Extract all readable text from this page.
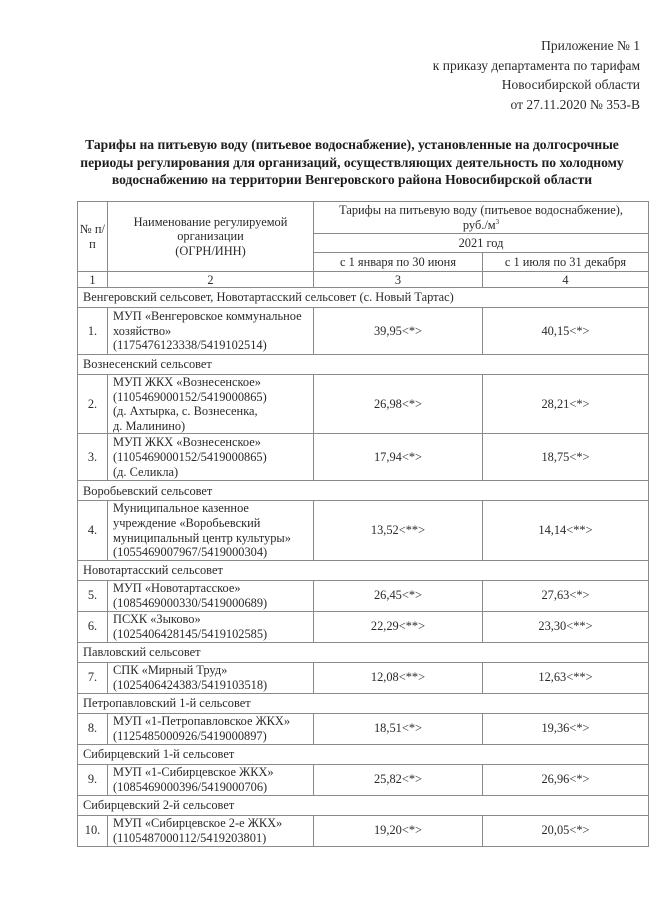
Приложение № 1
к приказу департамента по тарифам
Новосибирской области
от 27.11.2020 № 353-В
Тарифы на питьевую воду (питьевое водоснабжение), установленные на долгосрочные
периоды регулирования для организаций, осуществляющих деятельность по холодному
водоснабжению на территории Венгеровского района Новосибирской области
№ п/п	
Наименование регулируемой
организации
(ОГРН/ИНН)

Тарифы на питьевую воду (питьевое водоснабжение),
$руб./м^3$

		2021 год	
		с 1 января по 30 июня	с 1 июля по 31 декабря
1	2	3	4
Венгеровский сельсовет, Новотартасский сельсовет (с. Новый Тартас)			
1.	МУП «Венгеровское коммунальное
хозяйство»
(1175476123338/5419102514)	39,95<*>	40,15<*>
Вознесенский сельсовет			
2.	МУП ЖКХ «Вознесенское»
(1105469000152/5419000865)
(д. Ахтырка, с. Вознесенка,
д. Малинино)	26,98<*>	28,21<*>
3.	МУП ЖКХ «Вознесенское»
(1105469000152/5419000865)
(д. Селикла)	17,94<*>	18,75<*>
Воробьевский сельсовет			
4.	Муниципальное казенное
учреждение «Воробьевский
муниципальный центр культуры»
(1055469007967/5419000304)	13,52<**>	14,14<**>
Новотартасский сельсовет			
5.	МУП «Новотартасское»
(1085469000330/5419000689)	26,45<*>	27,63<*>
6.	ПСХК «Зыково»
(1025406428145/5419102585)	22,29<**>	23,30<**>
Павловский сельсовет			
7.	СПК «Мирный Труд»
(1025406424383/5419103518)	12,08<**>	12,63<**>
Петропавловский 1-й сельсовет			
8.	МУП «1-Петропавловское ЖКХ»
(1125485000926/5419000897)	18,51<*>	19,36<*>
Сибирцевский 1-й сельсовет			
9.	МУП «1-Сибирцевское ЖКХ»
(1085469000396/5419000706)	25,82<*>	26,96<*>
Сибирцевский 2-й сельсовет			
10.	МУП «Сибирцевское 2-е ЖКХ»
(1105487000112/5419203801)	19,20<*>	20,05<*>
